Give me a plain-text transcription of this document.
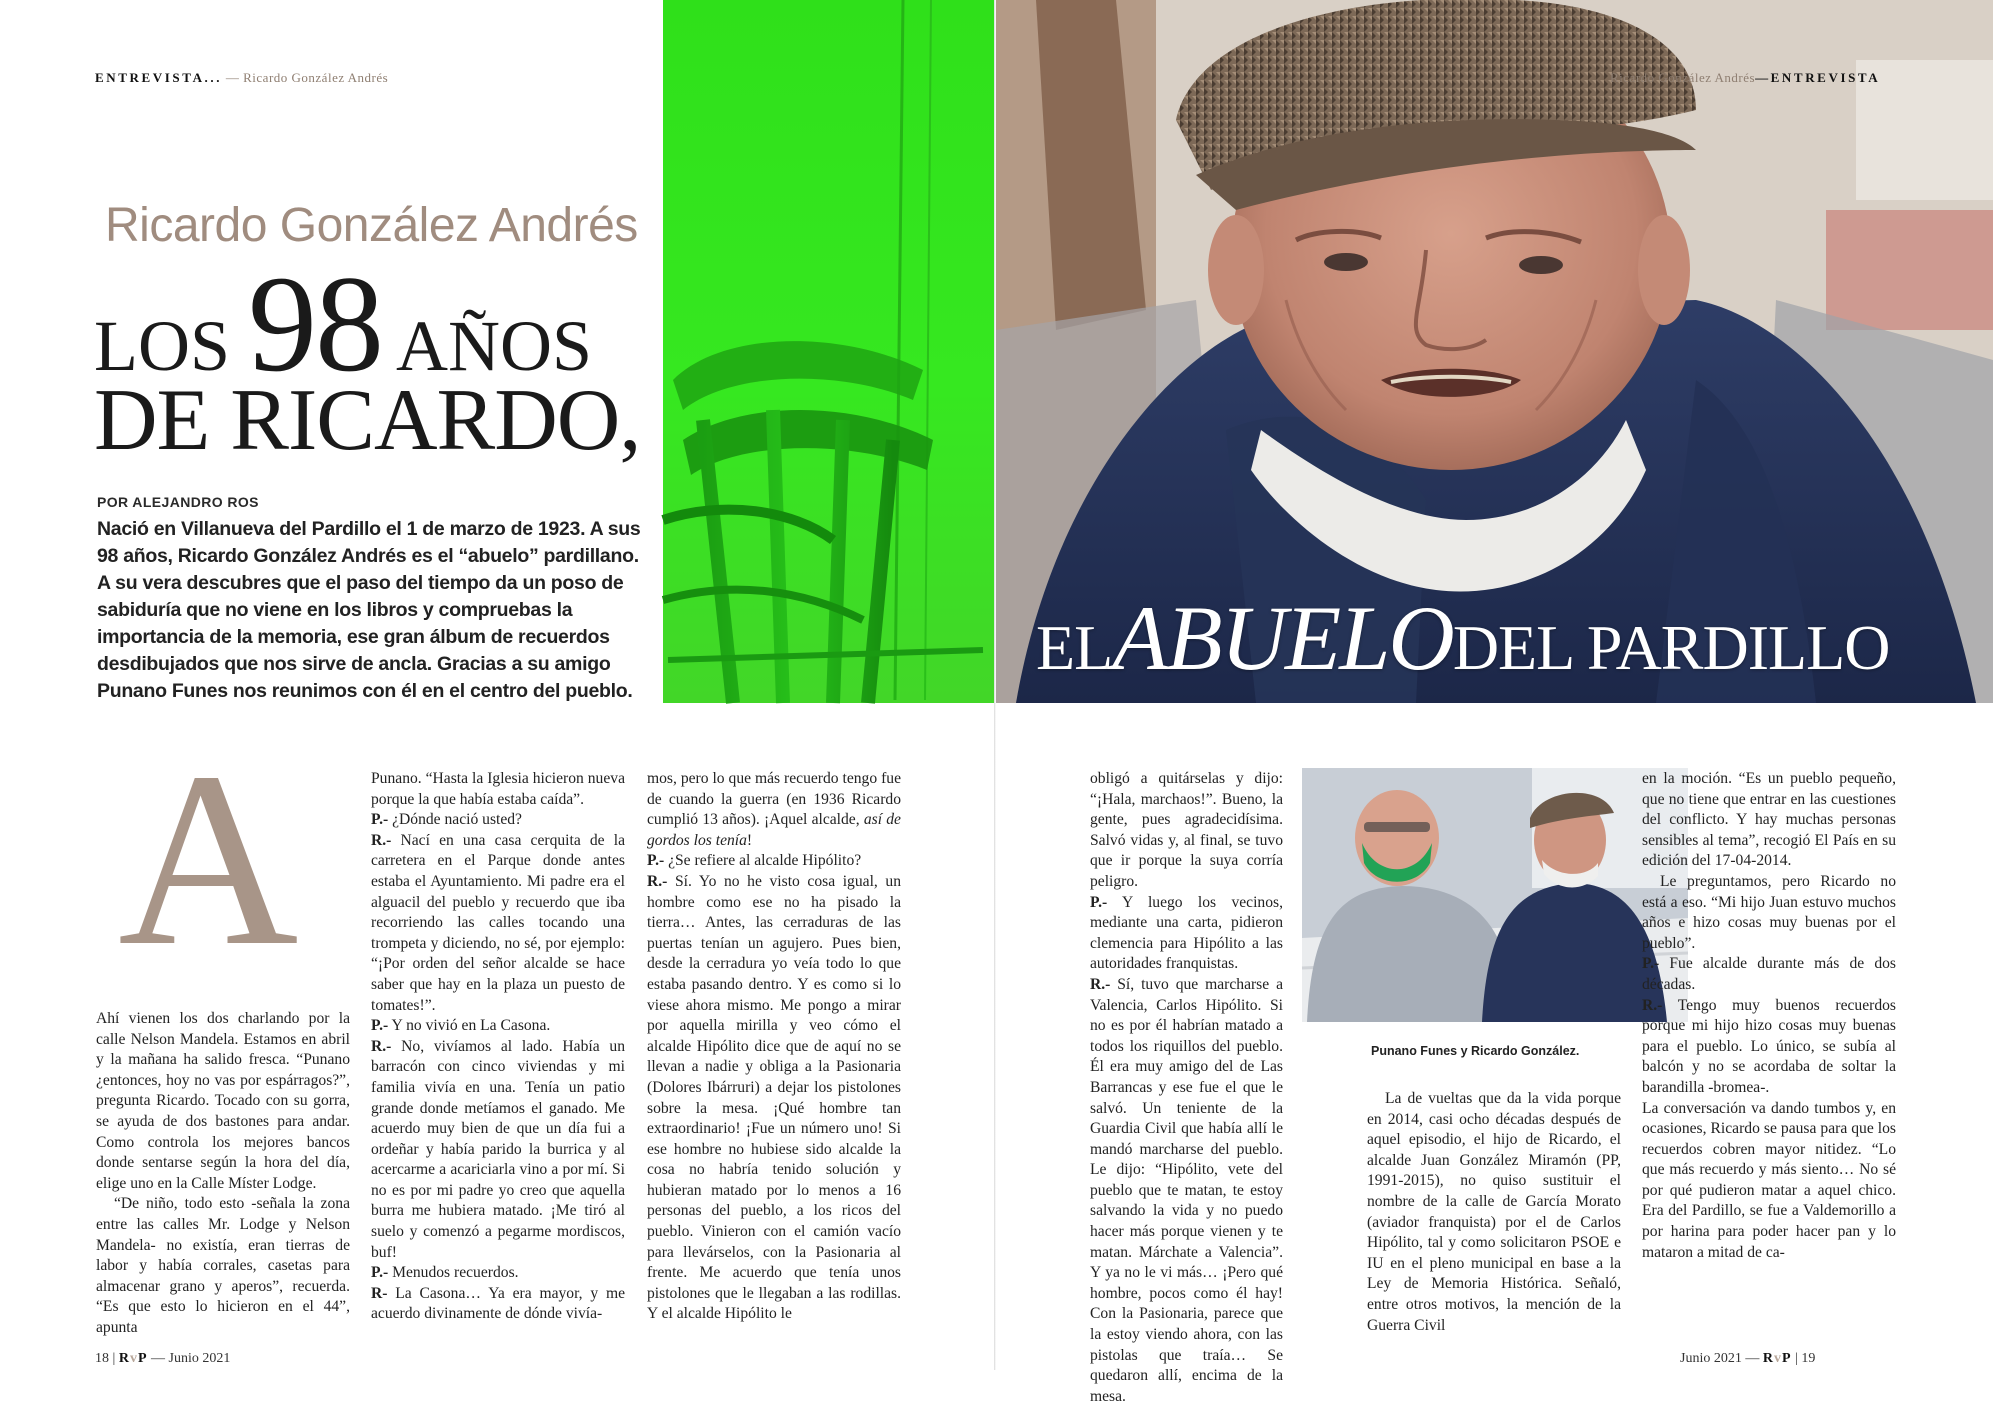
ENTREVISTA... — Ricardo González Andrés
Ricardo González Andrés
LOS 98 AÑOS
DE RICARDO,
POR ALEJANDRO ROS

Nació en Villanueva del Pardillo el 1 de marzo de 1923. A sus 98 años, Ricardo González Andrés es el “abuelo” pardillano. A su vera descubres que el paso del tiempo da un poso de sabiduría que no viene en los libros y compruebas la importancia de la memoria, ese gran álbum de recuerdos desdibujados que nos sirve de ancla. Gracias a su amigo Punano Funes nos reunimos con él en el centro del pueblo.

A

Ahí vienen los dos charlando por la calle Nelson Mandela. Estamos en abril y la mañana ha salido fresca. “Punano ¿entonces, hoy no vas por espárragos?”, pregunta Ricardo. Tocado con su gorra, se ayuda de dos bastones para andar. Como controla los mejores bancos donde sentarse según la hora del día, elige uno en la Calle Míster Lodge.

“De niño, todo esto -señala la zona entre las calles Mr. Lodge y Nelson Mandela- no existía, eran tierras de labor y había corrales, casetas para almacenar grano y aperos”, recuerda. “Es que esto lo hicieron en el 44”, apunta

Punano. “Hasta la Iglesia hicieron nueva porque la que había estaba caída”.

P.- ¿Dónde nació usted?

R.- Nací en una casa cerquita de la carretera en el Parque donde antes estaba el Ayuntamiento. Mi padre era el alguacil del pueblo y recuerdo que iba recorriendo las calles tocando una trompeta y diciendo, no sé, por ejemplo: “¡Por orden del señor alcalde se hace saber que hay en la plaza un puesto de tomates!”.

P.- Y no vivió en La Casona.

R.- No, vivíamos al lado. Había un barracón con cinco viviendas y mi familia vivía en una. Tenía un patio grande donde metíamos el ganado. Me acuerdo muy bien de que un día fui a ordeñar y había parido la burrica y al acercarme a acariciarla vino a por mí. Si no es por mi padre yo creo que aquella burra me hubiera matado. ¡Me tiró al suelo y comenzó a pegarme mordiscos, buf!

P.- Menudos recuerdos.

R- La Casona… Ya era mayor, y me acuerdo divinamente de dónde vivía-

mos, pero lo que más recuerdo tengo fue de cuando la guerra (en 1936 Ricardo cumplió 13 años). ¡Aquel alcalde, así de gordos los tenía!

P.- ¿Se refiere al alcalde Hipólito?

R.- Sí. Yo no he visto cosa igual, un hombre como ese no ha pisado la tierra… Antes, las cerraduras de las puertas tenían un agujero. Pues bien, desde la cerradura yo veía todo lo que estaba pasando dentro. Y es como si lo viese ahora mismo. Me pongo a mirar por aquella mirilla y veo cómo el alcalde Hipólito dice que de aquí no se llevan a nadie y obliga a la Pasionaria (Dolores Ibárruri) a dejar los pistolones sobre la mesa. ¡Qué hombre tan extraordinario! ¡Fue un número uno! Si ese hombre no hubiese sido alcalde la cosa no habría tenido solución y hubieran matado por lo menos a 16 personas del pueblo, a los ricos del pueblo. Vinieron con el camión vacío para llevárselos, con la Pasionaria al frente. Me acuerdo que tenía unos pistolones que le llegaban a las rodillas. Y el alcalde Hipólito le

18 | RvP — Junio 2021
ELABUELODEL PARDILLO
Ricardo González Andrés—ENTREVISTA

obligó a quitárselas y dijo: “¡Hala, marchaos!”. Bueno, la gente, pues agradecidísima. Salvó vidas y, al final, se tuvo que ir porque la suya corría peligro.

P.- Y luego los vecinos, mediante una carta, pidieron clemencia para Hipólito a las autoridades franquistas.

R.- Sí, tuvo que marcharse a Valencia, Carlos Hipólito. Si no es por él habrían matado a todos los riquillos del pueblo. Él era muy amigo del de Las Barrancas y ese fue el que le salvó. Un teniente de la Guardia Civil que había allí le mandó marcharse del pueblo. Le dijo: “Hipólito, vete del pueblo que te matan, te estoy salvando la vida y no puedo hacer más porque vienen y te matan. Márchate a Valencia”. Y ya no le vi más… ¡Pero qué hombre, pocos como él hay! Con la Pasionaria, parece que la estoy viendo ahora, con las pistolas que traía… Se quedaron allí, encima de la mesa.

Punano Funes y Ricardo González.

La de vueltas que da la vida porque en 2014, casi ocho décadas después de aquel episodio, el hijo de Ricardo, el alcalde Juan González Miramón (PP, 1991-2015), no quiso sustituir el nombre de la calle de García Morato (aviador franquista) por el de Carlos Hipólito, tal y como solicitaron PSOE e IU en el pleno municipal en base a la Ley de Memoria Histórica. Señaló, entre otros motivos, la mención de la Guerra Civil

en la moción. “Es un pueblo pequeño, que no tiene que entrar en las cuestiones del conflicto. Y hay muchas personas sensibles al tema”, recogió El País en su edición del 17-04-2014.

Le preguntamos, pero Ricardo no está a eso. “Mi hijo Juan estuvo muchos años e hizo cosas muy buenas por el pueblo”.

P.- Fue alcalde durante más de dos décadas.

R.- Tengo muy buenos recuerdos porque mi hijo hizo cosas muy buenas para el pueblo. Lo único, se subía al balcón y no se acordaba de soltar la barandilla -bromea-.

La conversación va dando tumbos y, en ocasiones, Ricardo se pausa para que los recuerdos cobren mayor nitidez. “Lo que más recuerdo y más siento… No sé por qué pudieron matar a aquel chico. Era del Pardillo, se fue a Valdemorillo a por harina para poder hacer pan y lo mataron a mitad de ca-

Junio 2021 — RvP | 19
